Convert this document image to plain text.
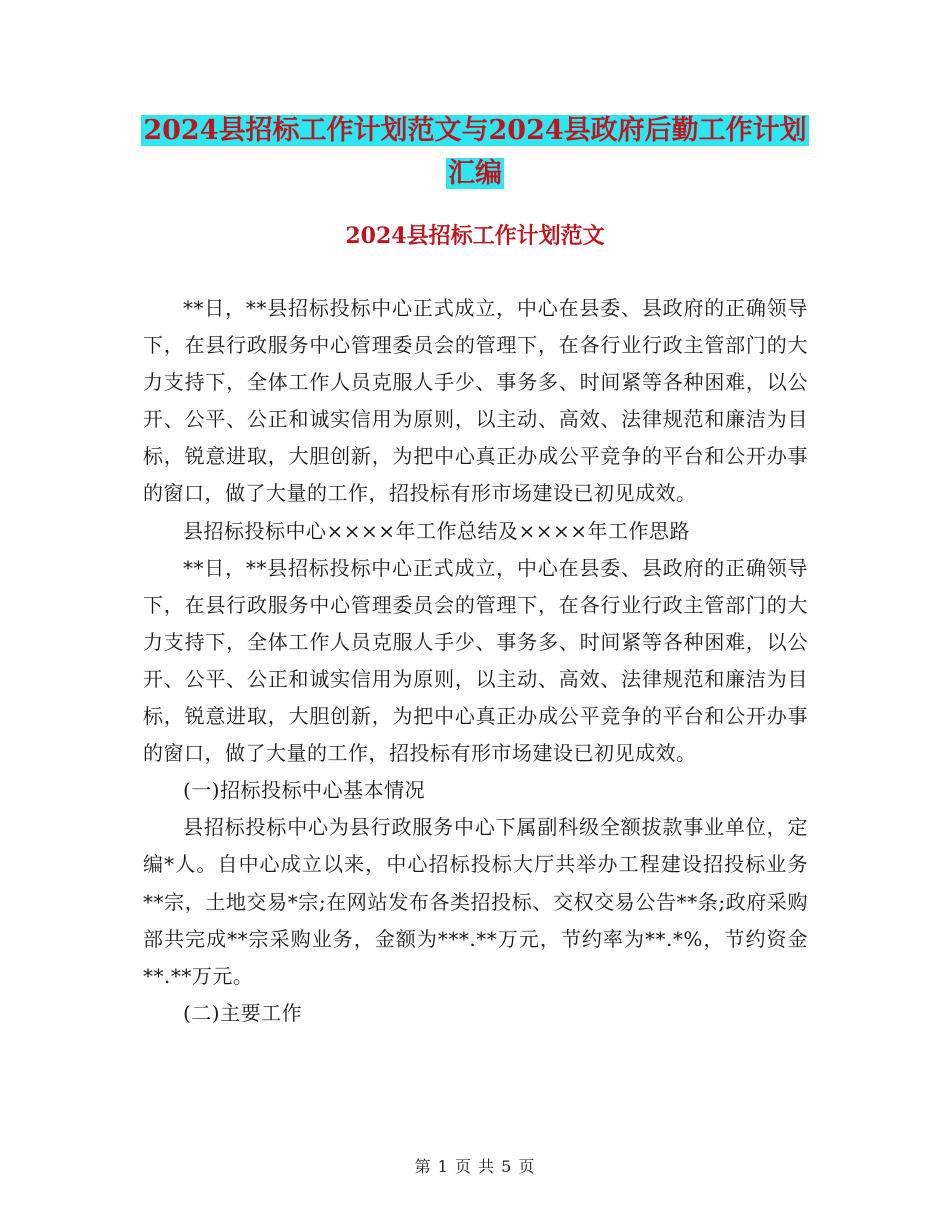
2024县招标工作计划范文与2024县政府后勤工作计划
汇编
2024县招标工作计划范文

**日，**县招标投标中心正式成立，中心在县委、县政府的正确领导下，在县行政服务中心管理委员会的管理下，在各行业行政主管部门的大力支持下，全体工作人员克服人手少、事务多、时间紧等各种困难，以公开、公平、公正和诚实信用为原则，以主动、高效、法律规范和廉洁为目标，锐意进取，大胆创新，为把中心真正办成公平竞争的平台和公开办事的窗口，做了大量的工作，招投标有形市场建设已初见成效。

县招标投标中心××××年工作总结及××××年工作思路

**日，**县招标投标中心正式成立，中心在县委、县政府的正确领导下，在县行政服务中心管理委员会的管理下，在各行业行政主管部门的大力支持下，全体工作人员克服人手少、事务多、时间紧等各种困难，以公开、公平、公正和诚实信用为原则，以主动、高效、法律规范和廉洁为目标，锐意进取，大胆创新，为把中心真正办成公平竞争的平台和公开办事的窗口，做了大量的工作，招投标有形市场建设已初见成效。

(一)招标投标中心基本情况

县招标投标中心为县行政服务中心下属副科级全额拔款事业单位，定编*人。自中心成立以来，中心招标投标大厅共举办工程建设招投标业务**宗，土地交易*宗;在网站发布各类招投标、交权交易公告**条;政府采购部共完成**宗采购业务，金额为***.**万元，节约率为**.*%，节约资金**.**万元。

(二)主要工作

第 1 页 共 5 页
